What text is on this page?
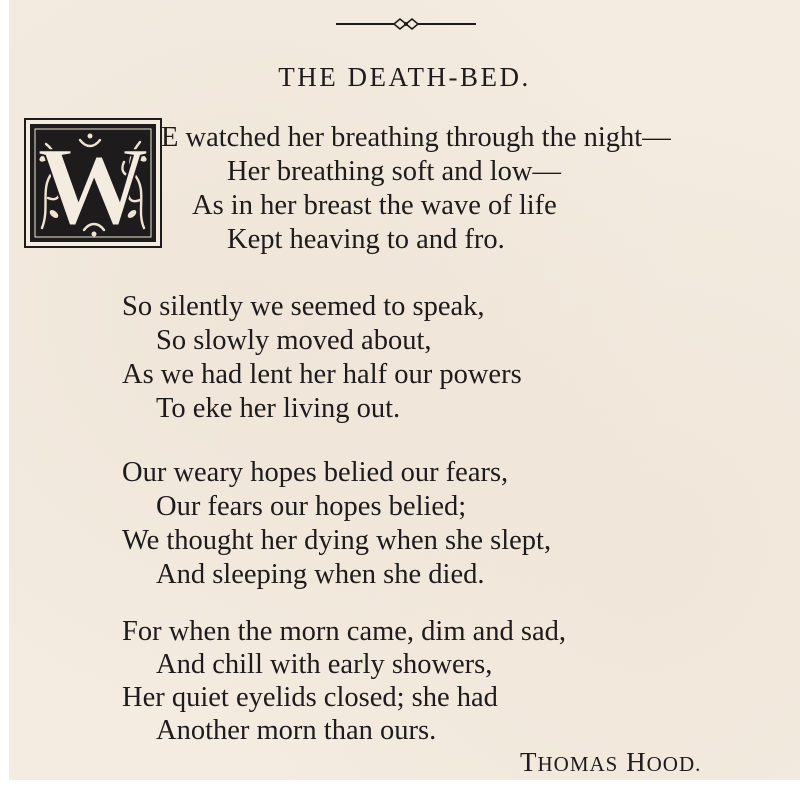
THE DEATH-BED.
W E watched her breathing through the night—

Her breathing soft and low—

As in her breast the wave of life

Kept heaving to and fro.

So silently we seemed to speak,

So slowly moved about,

As we had lent her half our powers

To eke her living out.

Our weary hopes belied our fears,

Our fears our hopes belied;

We thought her dying when she slept,

And sleeping when she died.

For when the morn came, dim and sad,

And chill with early showers,

Her quiet eyelids closed; she had

Another morn than ours.

THOMAS HOOD.
